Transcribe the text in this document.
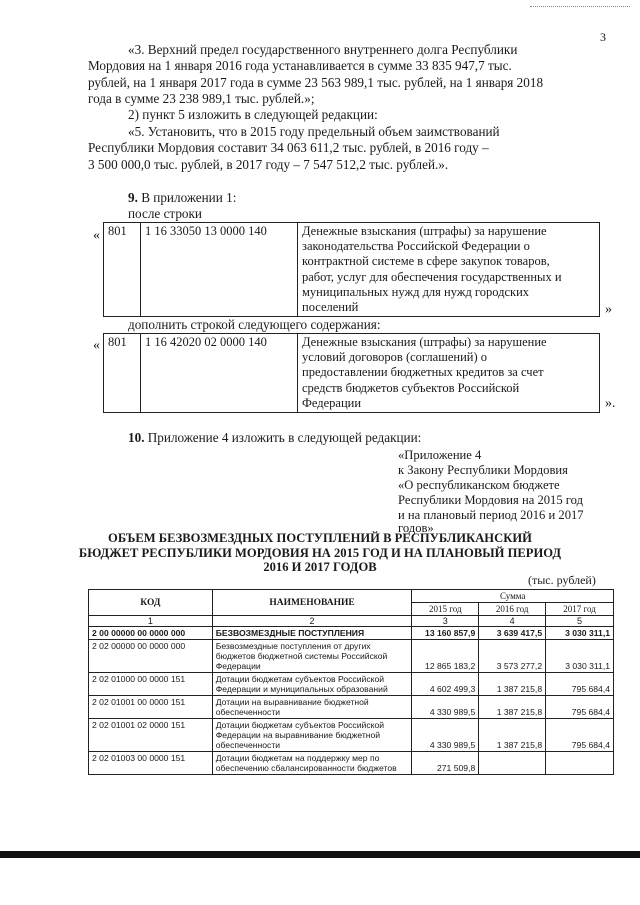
3
«3. Верхний предел государственного внутреннего долга Республики
Мордовия на 1 января 2016 года устанавливается в сумме 33 835 947,7 тыс.
рублей, на 1 января 2017 года в сумме 23 563 989,1 тыс. рублей, на 1 января 2018
года в сумме 23 238 989,1 тыс. рублей.»;
2) пункт 5 изложить в следующей редакции:
«5. Установить, что в 2015 году предельный объем заимствований
Республики Мордовия составит 34 063 611,2 тыс. рублей, в 2016 году –
3 500 000,0 тыс. рублей, в 2017 году – 7 547 512,2 тыс. рублей.».
9. В приложении 1:
после строки
« 801	1 16 33050 13 0000 140	Денежные взыскания (штрафы) за нарушение
законодательства Российской Федерации о
контрактной системе в сфере закупок товаров,
работ, услуг для обеспечения государственных и
муниципальных нужд для нужд городских
поселений	»
дополнить строкой следующего содержания:
« 801	1 16 42020 02 0000 140	Денежные взыскания (штрафы) за нарушение
условий договоров (соглашений) о
предоставлении бюджетных кредитов за счет
средств бюджетов субъектов Российской
Федерации	».
10. Приложение 4 изложить в следующей редакции:
«Приложение 4
к Закону Республики Мордовия
«О республиканском бюджете
Республики Мордовия на 2015 год
и на плановый период 2016 и 2017
годов»
ОБЪЕМ БЕЗВОЗМЕЗДНЫХ ПОСТУПЛЕНИЙ В РЕСПУБЛИКАНСКИЙ
БЮДЖЕТ РЕСПУБЛИКИ МОРДОВИЯ НА 2015 ГОД И НА ПЛАНОВЫЙ ПЕРИОД
2016 И 2017 ГОДОВ
(тыс. рублей)
КОД	НАИМЕНОВАНИЕ	Сумма		
		2015 год	2016 год	2017 год
1	2	3	4	5
2 00 00000 00 0000 000	БЕЗВОЗМЕЗДНЫЕ ПОСТУПЛЕНИЯ	13 160 857,9	3 639 417,5	3 030 311,1
2 02 00000 00 0000 000	Безвозмездные поступления от других бюджетов бюджетной системы Российской Федерации	12 865 183,2	3 573 277,2	3 030 311,1
2 02 01000 00 0000 151	Дотации бюджетам субъектов Российской Федерации и муниципальных образований	4 602 499,3	1 387 215,8	795 684,4
2 02 01001 00 0000 151	Дотации на выравнивание бюджетной обеспеченности	4 330 989,5	1 387 215,8	795 684,4
2 02 01001 02 0000 151	Дотации бюджетам субъектов Российской Федерации на выравнивание бюджетной обеспеченности	4 330 989,5	1 387 215,8	795 684,4
2 02 01003 00 0000 151	Дотации бюджетам на поддержку мер по обеспечению сбалансированности бюджетов	271 509,8		
